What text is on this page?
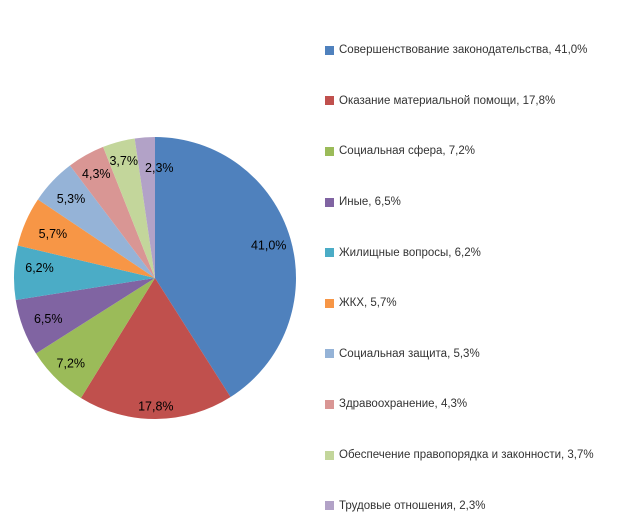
41,0%
17,8%
7,2%
6,5%
6,2%
5,7%
5,3%
4,3%
3,7% 2,3%
Совершенствование законодательства, 41,0%
Оказание материальной помощи, 17,8%
Социальная сфера, 7,2%
Иные, 6,5%
Жилищные вопросы, 6,2%
ЖКХ, 5,7%
Социальная защита, 5,3%
Здравоохранение, 4,3%
Обеспечение правопорядка и законности, 3,7%
Трудовые отношения, 2,3%
